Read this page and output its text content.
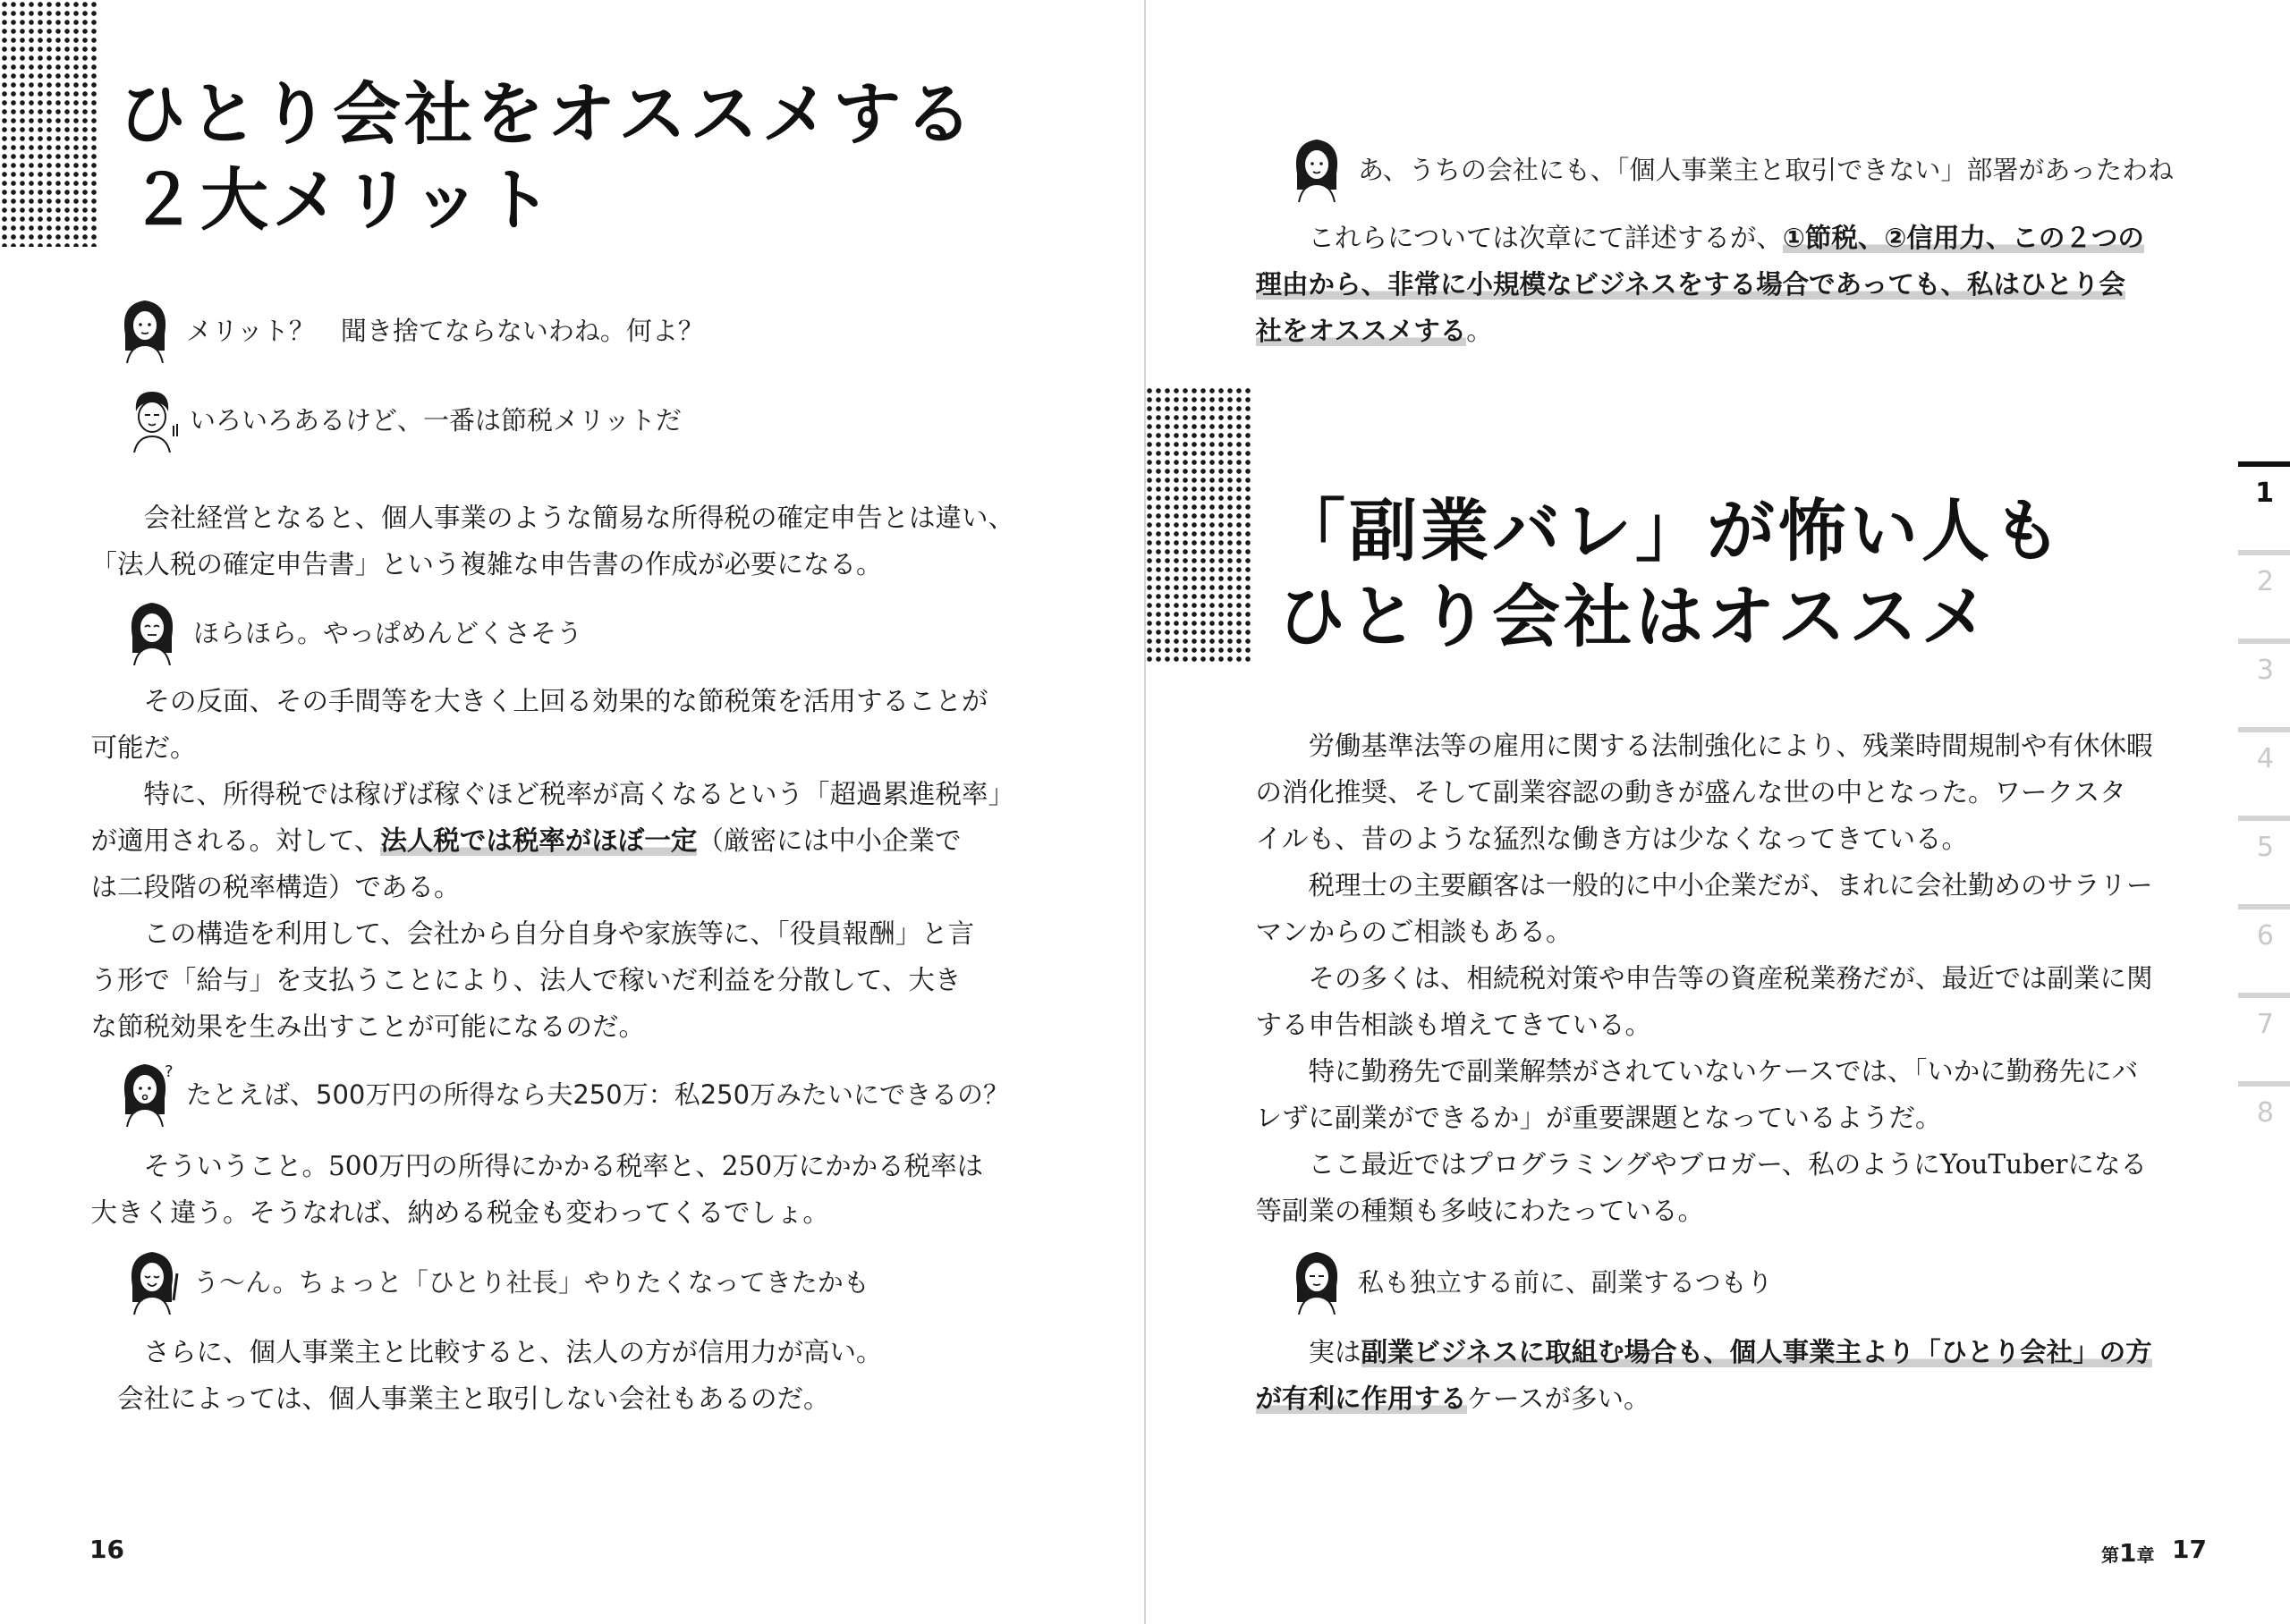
ひとり会社をオススメする
２大メリット
メリット？　聞き捨てならないわね。何よ？
いろいろあるけど、一番は節税メリットだ

会社経営となると、個人事業のような簡易な所得税の確定申告とは違い、
「法人税の確定申告書」という複雑な申告書の作成が必要になる。

ほらほら。やっぱめんどくさそう

その反面、その手間等を大きく上回る効果的な節税策を活用することが
可能だ。

特に、所得税では稼げば稼ぐほど税率が高くなるという「超過累進税率」
が適用される。対して、法人税では税率がほぼ一定（厳密には中小企業で
は二段階の税率構造）である。

この構造を利用して、会社から自分自身や家族等に、「役員報酬」と言
う形で「給与」を支払うことにより、法人で稼いだ利益を分散して、大き
な節税効果を生み出すことが可能になるのだ。

?
たとえば、500万円の所得なら夫250万：私250万みたいにできるの？

そういうこと。500万円の所得にかかる税率と、250万にかかる税率は
大きく違う。そうなれば、納める税金も変わってくるでしょ。

う～ん。ちょっと「ひとり社長」やりたくなってきたかも

さらに、個人事業主と比較すると、法人の方が信用力が高い。
会社によっては、個人事業主と取引しない会社もあるのだ。

16
あ、うちの会社にも、「個人事業主と取引できない」部署があったわね

これらについては次章にて詳述するが、①節税、②信用力、この２つの
理由から、非常に小規模なビジネスをする場合であっても、私はひとり会
社をオススメする。

「副業バレ」が怖い人も
ひとり会社はオススメ

労働基準法等の雇用に関する法制強化により、残業時間規制や有休休暇
の消化推奨、そして副業容認の動きが盛んな世の中となった。ワークスタ
イルも、昔のような猛烈な働き方は少なくなってきている。

税理士の主要顧客は一般的に中小企業だが、まれに会社勤めのサラリー
マンからのご相談もある。

その多くは、相続税対策や申告等の資産税業務だが、最近では副業に関
する申告相談も増えてきている。

特に勤務先で副業解禁がされていないケースでは、「いかに勤務先にバ
レずに副業ができるか」が重要課題となっているようだ。

ここ最近ではプログラミングやブロガー、私のようにYouTuberになる
等副業の種類も多岐にわたっている。

私も独立する前に、副業するつもり

実は副業ビジネスに取組む場合も、個人事業主より「ひとり会社」の方
が有利に作用するケースが多い。

第1章 17
1
2
3
4
5
6
7
8
